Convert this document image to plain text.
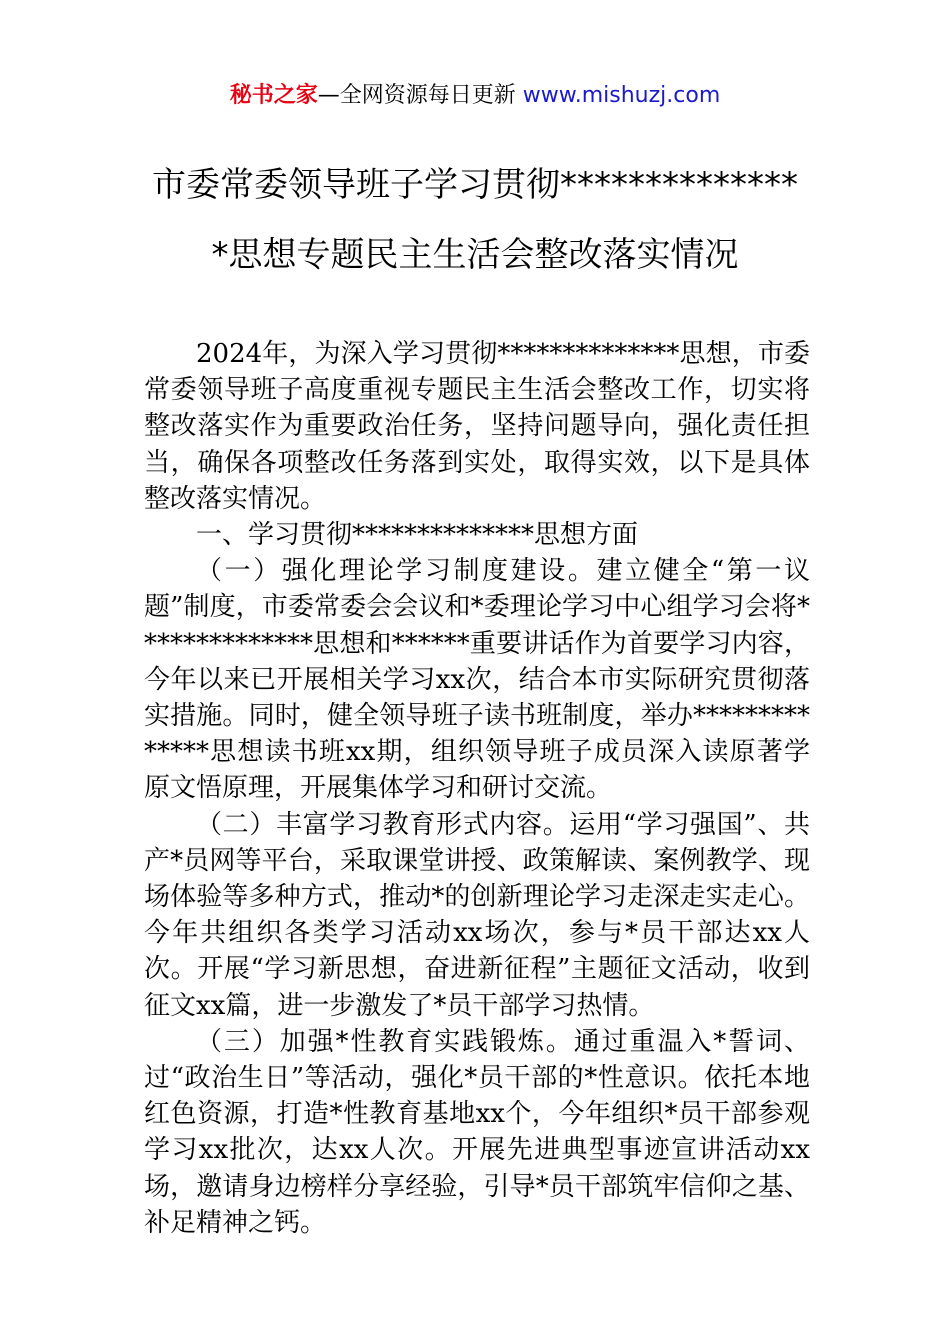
秘书之家—全网资源每日更新 www.mishuzj.com
市委常委领导班子学习贯彻**************
*思想专题民主生活会整改落实情况

2024年，为深入学习贯彻**************思想，市委常委领导班子高度重视专题民主生活会整改工作，切实将整改落实作为重要政治任务，坚持问题导向，强化责任担当，确保各项整改任务落到实处，取得实效，以下是具体整改落实情况。

一、学习贯彻**************思想方面

（一）强化理论学习制度建设。建立健全“第一议题”制度，市委常委会会议和*委理论学习中心组学习会将**************思想和******重要讲话作为首要学习内容，今年以来已开展相关学习xx次，结合本市实际研究贯彻落实措施。同时，健全领导班子读书班制度，举办**************思想读书班xx期，组织领导班子成员深入读原著学原文悟原理，开展集体学习和研讨交流。

（二）丰富学习教育形式内容。运用“学习强国”、共产*员网等平台，采取课堂讲授、政策解读、案例教学、现场体验等多种方式，推动*的创新理论学习走深走实走心。今年共组织各类学习活动xx场次，参与*员干部达xx人次。开展“学习新思想，奋进新征程”主题征文活动，收到征文xx篇，进一步激发了*员干部学习热情。

（三）加强*性教育实践锻炼。通过重温入*誓词、过“政治生日”等活动，强化*员干部的*性意识。依托本地红色资源，打造*性教育基地xx个，今年组织*员干部参观学习xx批次，达xx人次。开展先进典型事迹宣讲活动xx场，邀请身边榜样分享经验，引导*员干部筑牢信仰之基、补足精神之钙。
